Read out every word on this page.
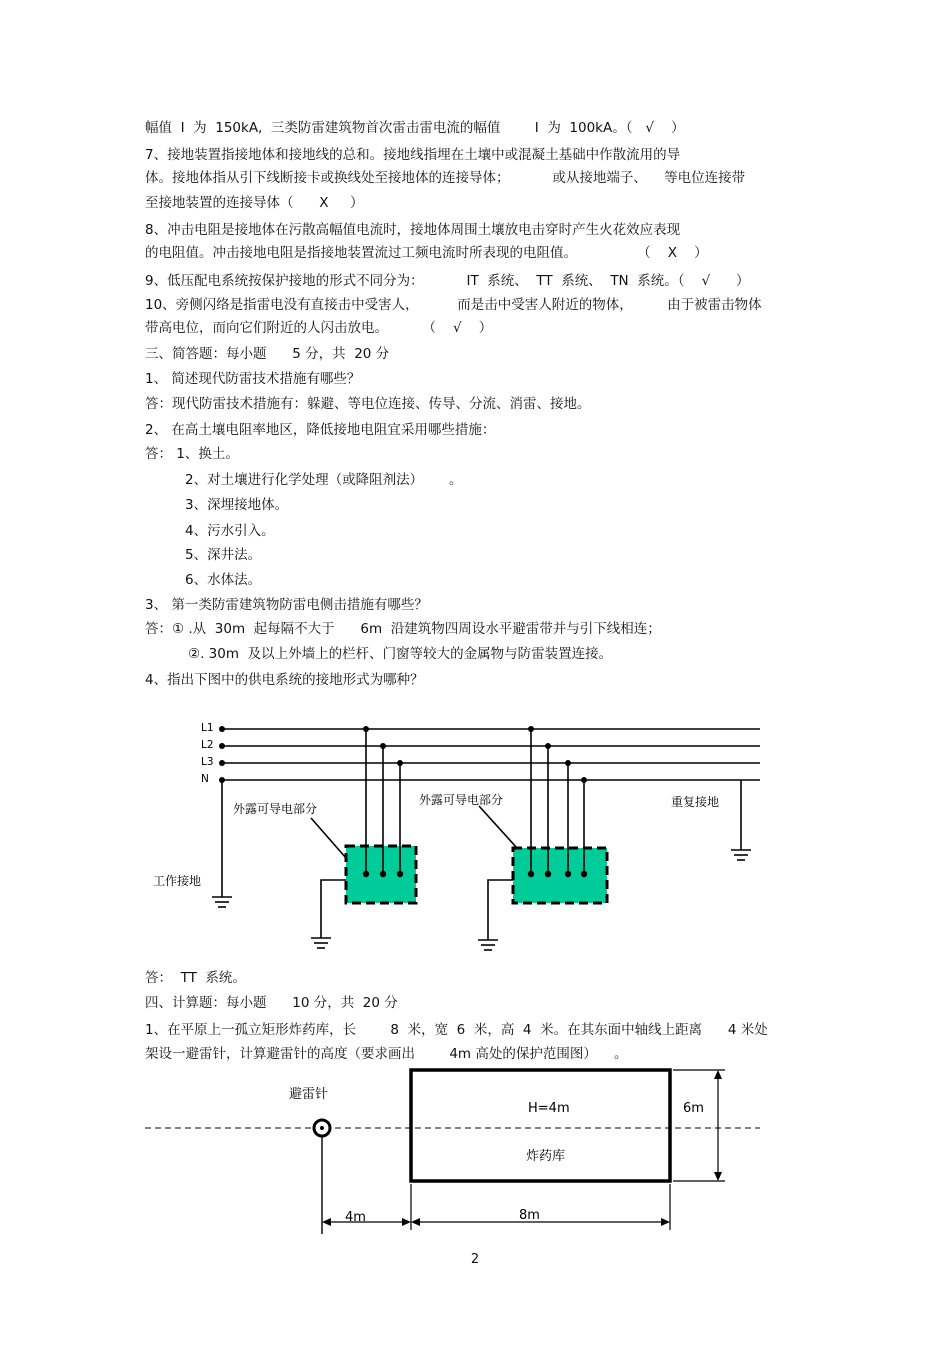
幅值  I  为  150kA,  三类防雷建筑物首次雷击雷电流的幅值        I  为  100kA。（   √    ）
7、接地装置指接地体和接地线的总和。接地线指埋在土壤中或混凝土基础中作散流用的导
体。接地体指从引下线断接卡或换线处至接地体的连接导体；          或从接地端子、    等电位连接带
至接地装置的连接导体（      X     ）
8、冲击电阻是接地体在污散高幅值电流时，接地体周围土壤放电击穿时产生火花效应表现
的电阻值。冲击接地电阻是指接地装置流过工频电流时所表现的电阻值。              （    X    ）
9、低压配电系统按保护接地的形式不同分为：          IT  系统、  TT  系统、  TN  系统。（    √      ）
10、旁侧闪络是指雷电没有直接击中受害人，         而是击中受害人附近的物体，        由于被雷击物体
带高电位，而向它们附近的人闪击放电。        （    √    ）
三、简答题：每小题      5 分，共  20 分
1、 简述现代防雷技术措施有哪些？
答：现代防雷技术措施有：躲避、等电位连接、传导、分流、消雷、接地。
2、 在高土壤电阻率地区，降低接地电阻宜采用哪些措施：
答： 1、换土。
2、对土壤进行化学处理（或降阻剂法）      。
3、深埋接地体。
4、污水引入。
5、深井法。
6、水体法。
3、 第一类防雷建筑物防雷电侧击措施有哪些？
答：① .从  30m  起每隔不大于      6m  沿建筑物四周设水平避雷带并与引下线相连；
②. 30m  及以上外墙上的栏杆、门窗等较大的金属物与防雷装置连接。
4、指出下图中的供电系统的接地形式为哪种？
L1
L2
L3
N
外露可导电部分
外露可导电部分	重复接地
工作接地
答：  TT  系统。
四、计算题：每小题      10 分，共  20 分
1、在平原上一孤立矩形炸药库，长        8  米，宽  6  米，高  4  米。在其东面中轴线上距离      4 米处
架设一避雷针，计算避雷针的高度（要求画出        4m 高处的保护范围图）    。
避雷针
H=4m
炸药库
6m
4m	8m
2
